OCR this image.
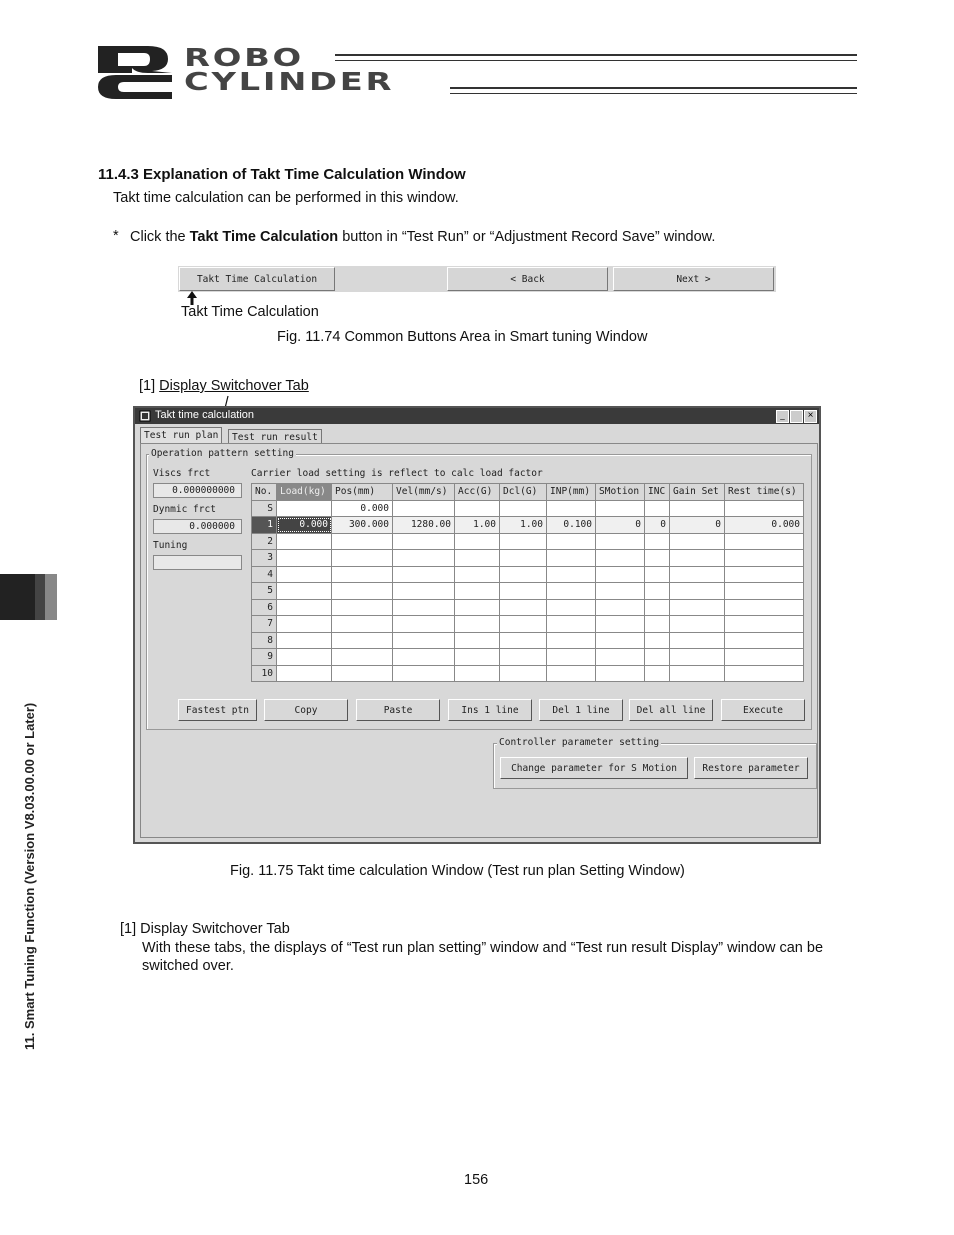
ROBO
CYLINDER
11. Smart Tuning Function (Version V8.03.00.00 or Later)
11.4.3 Explanation of Takt Time Calculation Window
Takt time calculation can be performed in this window.
* Click the Takt Time Calculation button in “Test Run” or “Adjustment Record Save” window.
Takt Time Calculation	< Back	Next >
Takt Time Calculation
Fig. 11.74 Common Buttons Area in Smart tuning Window
[1] Display Switchover Tab
Takt time calculation	_	×
Test run plan	Test run result
Operation pattern setting
Viscs frct
0.000000000
Dynmic frct
0.000000
Tuning
Carrier load setting is reflect to calc load factor
No.	Load(kg)	Pos(mm)	Vel(mm/s)	Acc(G)	Dcl(G)	INP(mm)	SMotion	INC	Gain Set	Rest time(s)
S		0.000								
1	0.000	300.000	1280.00	1.00	1.00	0.100	0	0	0	0.000
2										
3										
4										
5										
6										
7										
8										
9										
10										
Fastest ptn	Copy	Paste	Ins 1 line	Del 1 line	Del all line	Execute
Controller parameter setting
Change parameter for S Motion	Restore parameter
Fig. 11.75 Takt time calculation Window (Test run plan Setting Window)
[1] Display Switchover Tab
With these tabs, the displays of “Test run plan setting” window and “Test run result Display” window can be switched over.
156
